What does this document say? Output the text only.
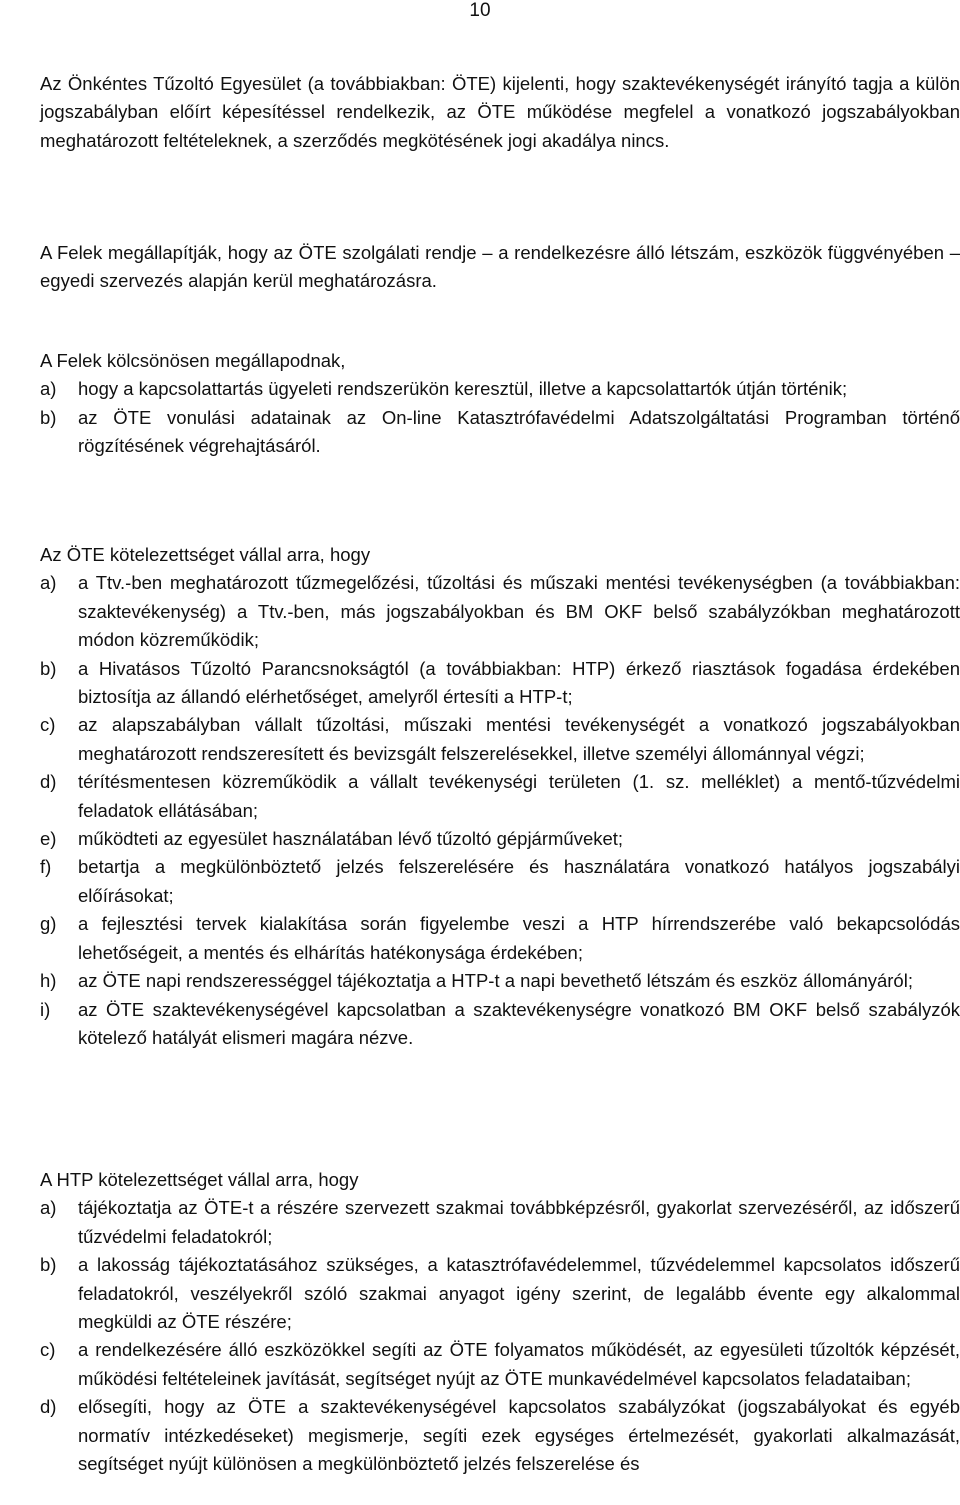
10
Az Önkéntes Tűzoltó Egyesület (a továbbiakban: ÖTE) kijelenti, hogy szaktevékenységét irányító tagja a külön jogszabályban előírt képesítéssel rendelkezik, az ÖTE működése megfelel a vonatkozó jogszabályokban meghatározott feltételeknek, a szerződés megkötésének jogi akadálya nincs.
A Felek megállapítják, hogy az ÖTE szolgálati rendje – a rendelkezésre álló létszám, eszközök függvényében – egyedi szervezés alapján kerül meghatározásra.
A Felek kölcsönösen megállapodnak,
a) hogy a kapcsolattartás ügyeleti rendszerükön keresztül, illetve a kapcsolattartók útján történik;
b) az ÖTE vonulási adatainak az On-line Katasztrófavédelmi Adatszolgáltatási Programban történő rögzítésének végrehajtásáról.
Az ÖTE kötelezettséget vállal arra, hogy
a) a Ttv.-ben meghatározott tűzmegelőzési, tűzoltási és műszaki mentési tevékenységben (a továbbiakban: szaktevékenység) a Ttv.-ben, más jogszabályokban és BM OKF belső szabályzókban meghatározott módon közreműködik;
b) a Hivatásos Tűzoltó Parancsnokságtól (a továbbiakban: HTP) érkező riasztások fogadása érdekében biztosítja az állandó elérhetőséget, amelyről értesíti a HTP-t;
c) az alapszabályban vállalt tűzoltási, műszaki mentési tevékenységét a vonatkozó jogszabályokban meghatározott rendszeresített és bevizsgált felszerelésekkel, illetve személyi állománnyal végzi;
d) térítésmentesen közreműködik a vállalt tevékenységi területen (1. sz. melléklet) a mentő-tűzvédelmi feladatok ellátásában;
e) működteti az egyesület használatában lévő tűzoltó gépjárműveket;
f) betartja a megkülönböztető jelzés felszerelésére és használatára vonatkozó hatályos jogszabályi előírásokat;
g) a fejlesztési tervek kialakítása során figyelembe veszi a HTP hírrendszerébe való bekapcsolódás lehetőségeit, a mentés és elhárítás hatékonysága érdekében;
h) az ÖTE napi rendszerességgel tájékoztatja a HTP-t a napi bevethető létszám és eszköz állományáról;
i) az ÖTE szaktevékenységével kapcsolatban a szaktevékenységre vonatkozó BM OKF belső szabályzók kötelező hatályát elismeri magára nézve.
A HTP kötelezettséget vállal arra, hogy
a) tájékoztatja az ÖTE-t a részére szervezett szakmai továbbképzésről, gyakorlat szervezéséről, az időszerű tűzvédelmi feladatokról;
b) a lakosság tájékoztatásához szükséges, a katasztrófavédelemmel, tűzvédelemmel kapcsolatos időszerű feladatokról, veszélyekről szóló szakmai anyagot igény szerint, de legalább évente egy alkalommal megküldi az ÖTE részére;
c) a rendelkezésére álló eszközökkel segíti az ÖTE folyamatos működését, az egyesületi tűzoltók képzését, működési feltételeinek javítását, segítséget nyújt az ÖTE munkavédelmével kapcsolatos feladataiban;
d) elősegíti, hogy az ÖTE a szaktevékenységével kapcsolatos szabályzókat (jogszabályokat és egyéb normatív intézkedéseket) megismerje, segíti ezek egységes értelmezését, gyakorlati alkalmazását, segítséget nyújt különösen a megkülönböztető jelzés felszerelése és
